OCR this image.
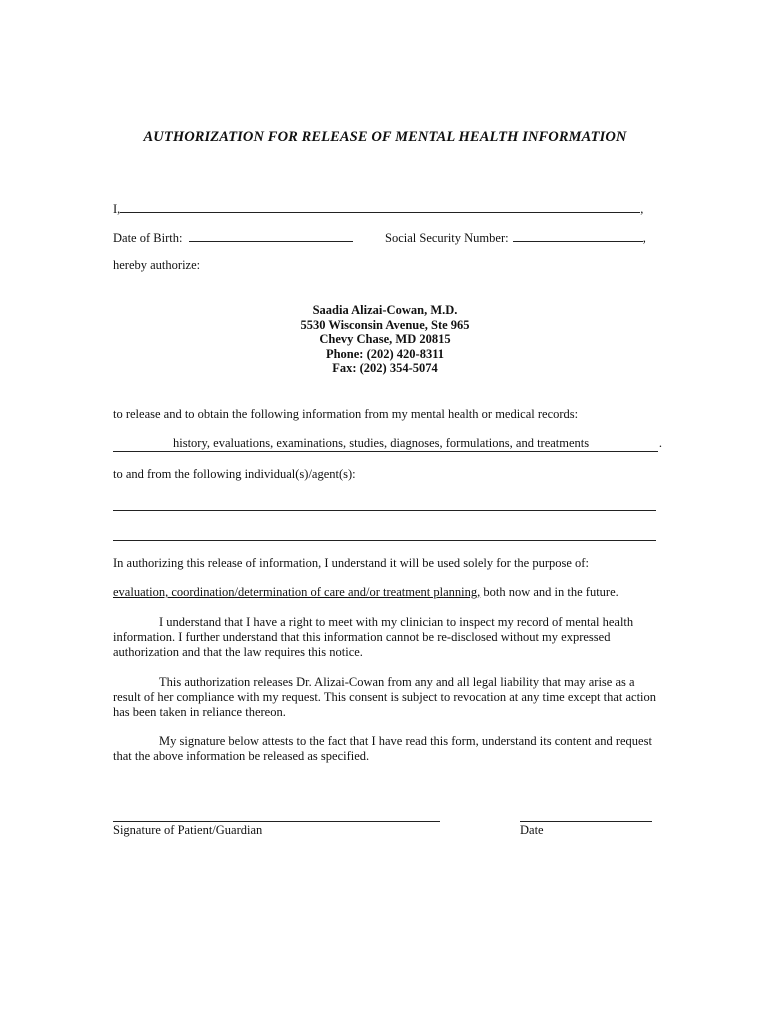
AUTHORIZATION FOR RELEASE OF MENTAL HEALTH INFORMATION
I,	,
Date of Birth:	Social Security Number:	,
hereby authorize:
Saadia Alizai-Cowan, M.D.
5530 Wisconsin Avenue, Ste 965
Chevy Chase, MD 20815
Phone: (202) 420-8311
Fax: (202) 354-5074
to release and to obtain the following information from my mental health or medical records:
history, evaluations, examinations, studies, diagnoses, formulations, and treatments	.
to and from the following individual(s)/agent(s):
In authorizing this release of information, I understand it will be used solely for the purpose of:
evaluation, coordination/determination of care and/or treatment planning, both now and in the future.
I understand that I have a right to meet with my clinician to inspect my record of mental health information. I further understand that this information cannot be re-disclosed without my expressed authorization and that the law requires this notice.
This authorization releases Dr. Alizai-Cowan from any and all legal liability that may arise as a result of her compliance with my request. This consent is subject to revocation at any time except that action has been taken in reliance thereon.
My signature below attests to the fact that I have read this form, understand its content and request that the above information be released as specified.
Signature of Patient/Guardian	Date
